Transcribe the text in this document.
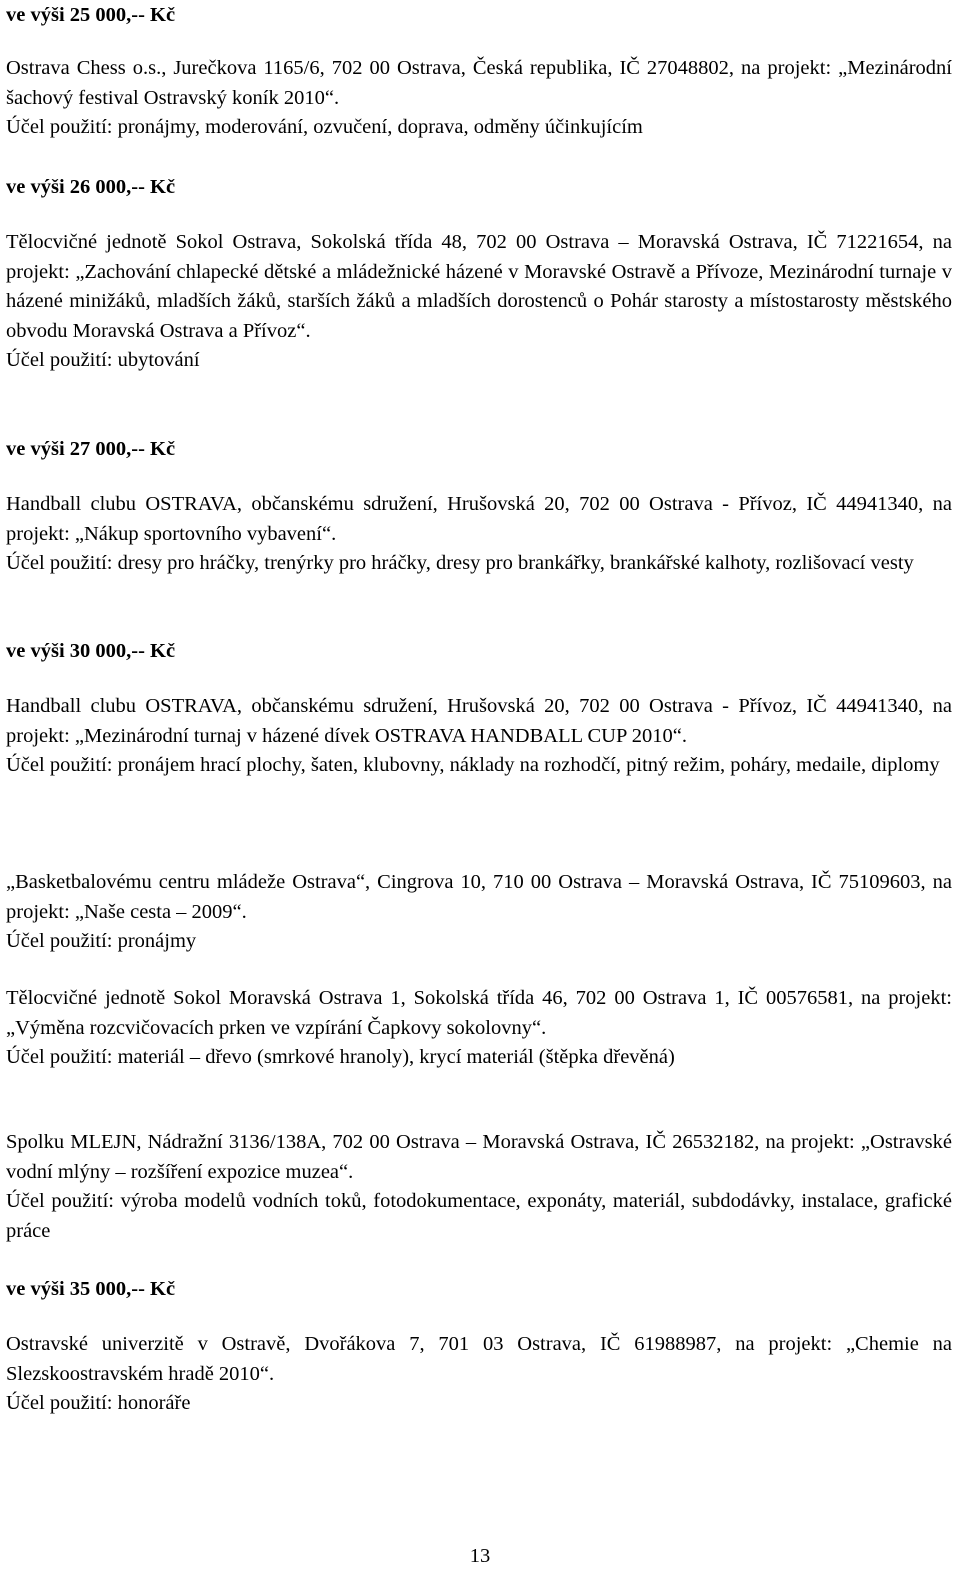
ve výši 25 000,-- Kč

Ostrava Chess o.s., Jurečkova 1165/6, 702 00 Ostrava, Česká republika, IČ 27048802, na projekt: „Mezinárodní šachový festival Ostravský koník 2010“.

Účel použití: pronájmy, moderování, ozvučení, doprava, odměny účinkujícím

ve výši 26 000,-- Kč

Tělocvičné jednotě Sokol Ostrava, Sokolská třída 48, 702 00 Ostrava – Moravská Ostrava, IČ 71221654, na projekt: „Zachování chlapecké dětské a mládežnické házené v Moravské Ostravě a Přívoze, Mezinárodní turnaje v házené minižáků, mladších žáků, starších žáků a mladších dorostenců o Pohár starosty a místostarosty městského obvodu Moravská Ostrava a Přívoz“.

Účel použití: ubytování

ve výši 27 000,-- Kč

Handball clubu OSTRAVA, občanskému sdružení, Hrušovská 20, 702 00 Ostrava - Přívoz, IČ 44941340, na projekt: „Nákup sportovního vybavení“.

Účel použití: dresy pro hráčky, trenýrky pro hráčky, dresy pro brankářky, brankářské kalhoty, rozlišovací vesty

ve výši 30 000,-- Kč

Handball clubu OSTRAVA, občanskému sdružení, Hrušovská 20, 702 00 Ostrava - Přívoz, IČ 44941340, na projekt: „Mezinárodní turnaj v házené dívek OSTRAVA HANDBALL CUP 2010“.

Účel použití: pronájem hrací plochy, šaten, klubovny, náklady na rozhodčí, pitný režim, poháry, medaile, diplomy

„Basketbalovému centru mládeže Ostrava“, Cingrova 10, 710 00 Ostrava – Moravská Ostrava, IČ 75109603, na projekt: „Naše cesta – 2009“.

Účel použití: pronájmy

Tělocvičné jednotě Sokol Moravská Ostrava 1, Sokolská třída 46, 702 00 Ostrava 1, IČ 00576581, na projekt: „Výměna rozcvičovacích prken ve vzpírání Čapkovy sokolovny“.

Účel použití: materiál – dřevo (smrkové hranoly), krycí materiál (štěpka dřevěná)

Spolku MLEJN, Nádražní 3136/138A, 702 00 Ostrava – Moravská Ostrava, IČ 26532182, na projekt: „Ostravské vodní mlýny – rozšíření expozice muzea“.

Účel použití: výroba modelů vodních toků, fotodokumentace, exponáty, materiál, subdodávky, instalace, grafické práce

ve výši 35 000,-- Kč

Ostravské univerzitě v Ostravě, Dvořákova 7, 701 03 Ostrava, IČ 61988987, na projekt: „Chemie na Slezskoostravském hradě 2010“.

Účel použití: honoráře

13
